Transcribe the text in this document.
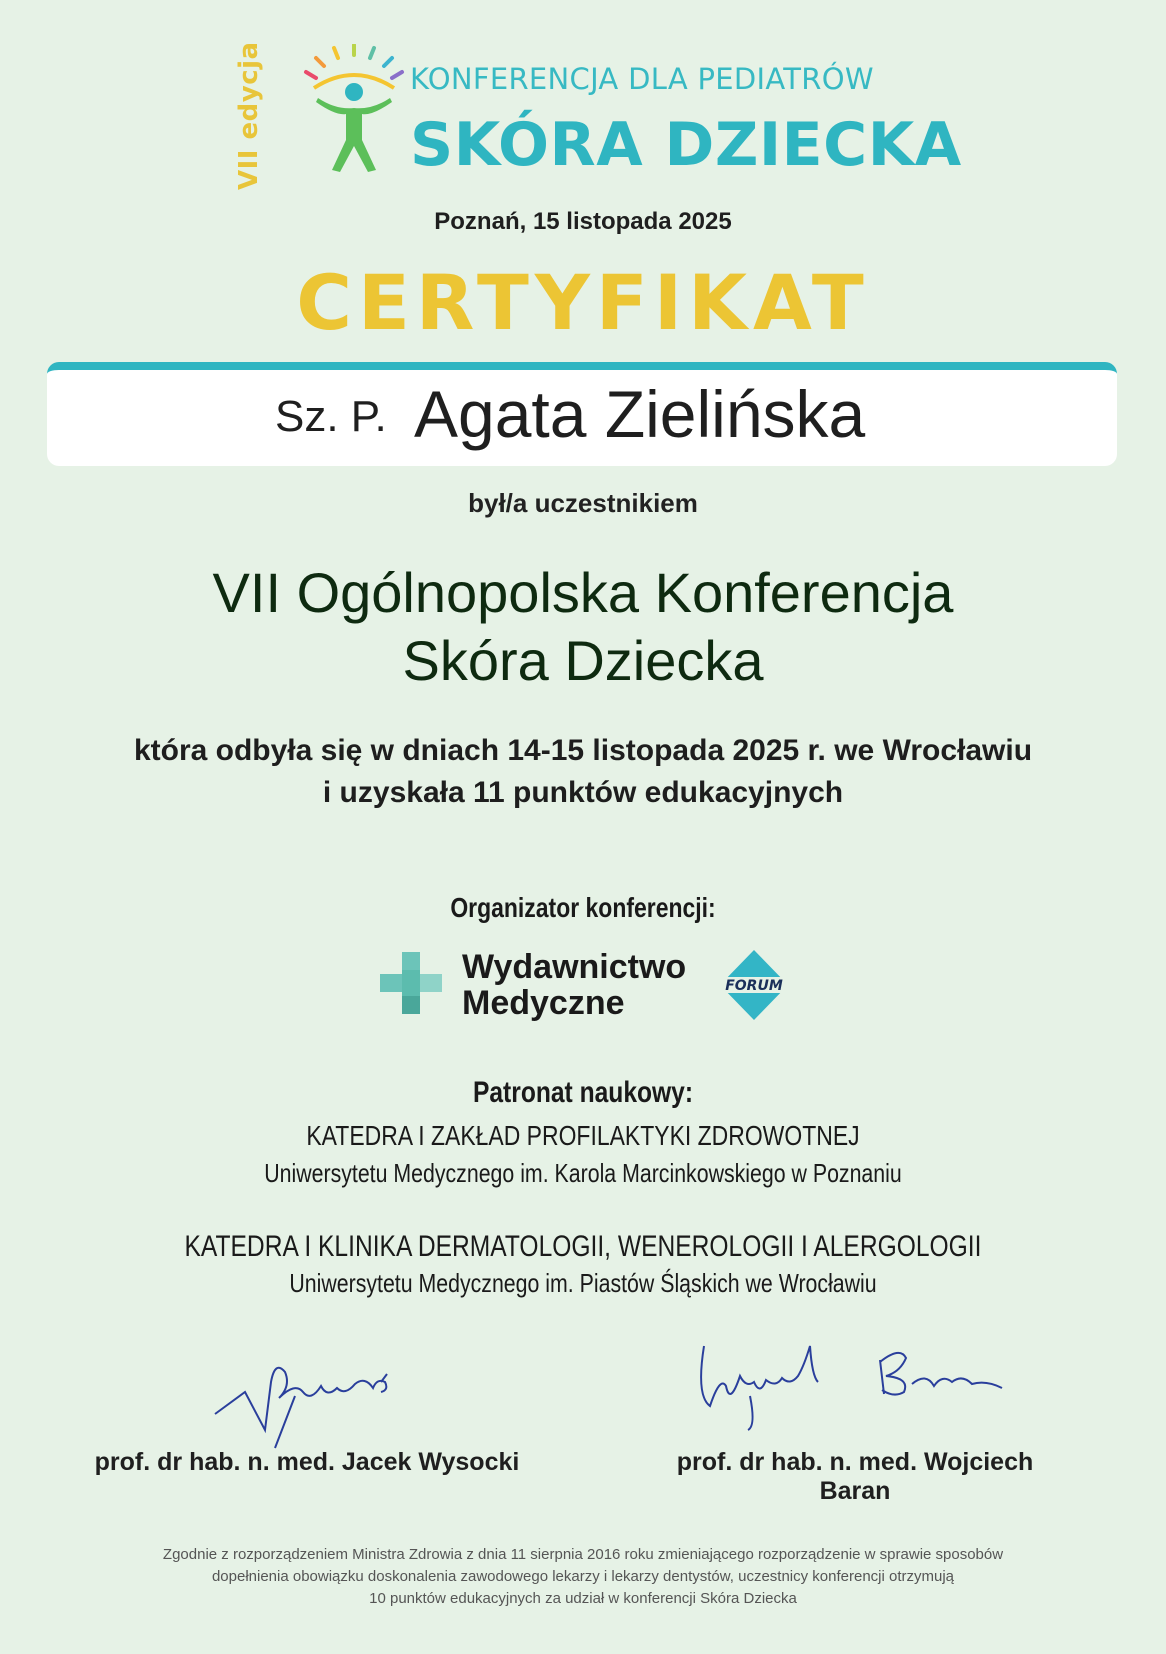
VII edycja	KONFERENCJA DLA PEDIATRÓW
SKÓRA DZIECKA
Poznań, 15 listopada 2025
CERTYFIKAT
Sz. P. Agata Zielińska
był/a uczestnikiem
VII Ogólnopolska Konferencja
Skóra Dziecka
która odbyła się w dniach 14-15 listopada 2025 r. we Wrocławiu
i uzyskała 11 punktów edukacyjnych
Organizator konferencji:
Wydawnictwo
Medyczne	FORUM
Patronat naukowy:
KATEDRA I ZAKŁAD PROFILAKTYKI ZDROWOTNEJ
Uniwersytetu Medycznego im. Karola Marcinkowskiego w Poznaniu
KATEDRA I KLINIKA DERMATOLOGII, WENEROLOGII I ALERGOLOGII
Uniwersytetu Medycznego im. Piastów Śląskich we Wrocławiu
prof. dr hab. n. med. Jacek Wysocki	prof. dr hab. n. med. Wojciech Baran
Zgodnie z rozporządzeniem Ministra Zdrowia z dnia 11 sierpnia 2016 roku zmieniającego rozporządzenie w sprawie sposobów
dopełnienia obowiązku doskonalenia zawodowego lekarzy i lekarzy dentystów, uczestnicy konferencji otrzymują
10 punktów edukacyjnych za udział w konferencji Skóra Dziecka
